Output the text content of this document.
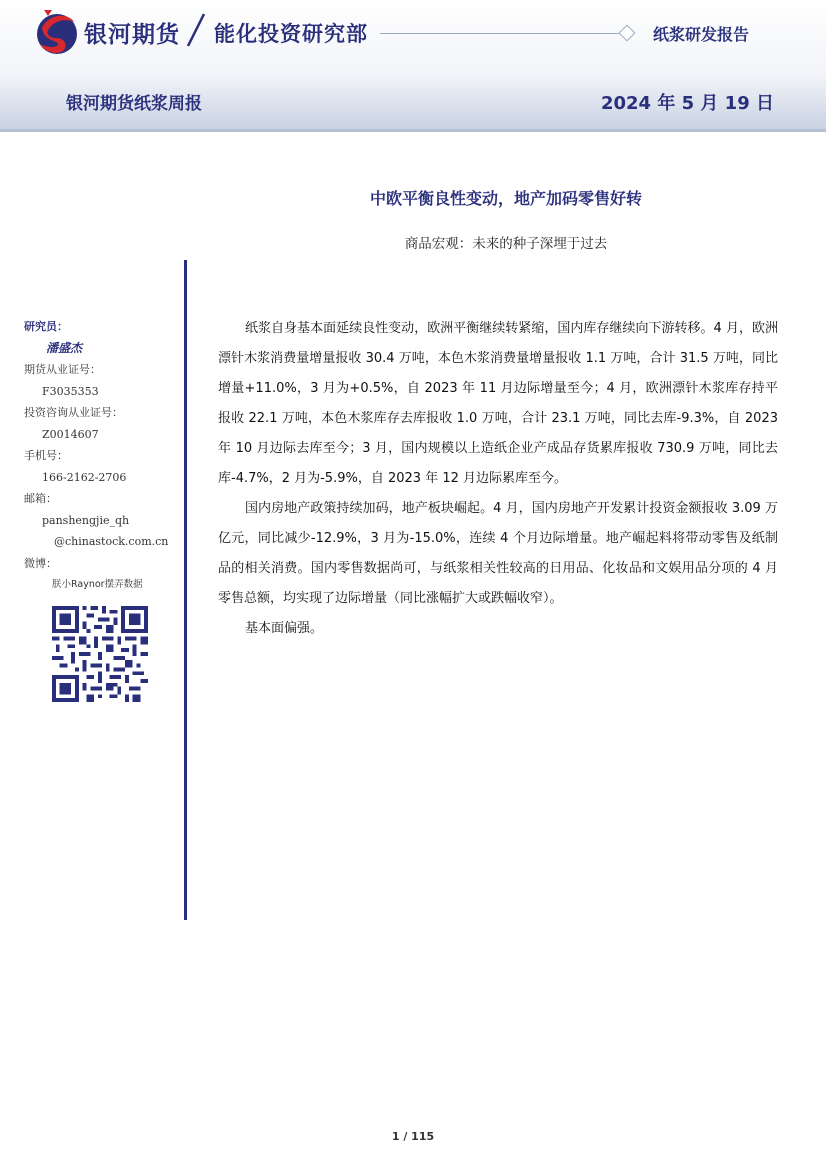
银河期货 能化投资研究部	纸浆研发报告
银河期货纸浆周报	2024 年 5 月 19 日
中欧平衡良性变动，地产加码零售好转
商品宏观：未来的种子深埋于过去
研究员：
潘盛杰
期货从业证号：
F3035353
投资咨询从业证号：
Z0014607
手机号：
166-2162-2706
邮箱：
panshengjie_qh
@chinastock.com.cn
微博：
朕小Raynor摆弄数据

纸浆自身基本面延续良性变动，欧洲平衡继续转紧缩，国内库存继续向下游转移。4 月，欧洲漂针木浆消费量增量报收 30.4 万吨，本色木浆消费量增量报收 1.1 万吨，合计 31.5 万吨，同比增量+11.0%，3 月为+0.5%，自 2023 年 11 月边际增量至今；4 月，欧洲漂针木浆库存持平报收 22.1 万吨，本色木浆库存去库报收 1.0 万吨，合计 23.1 万吨，同比去库-9.3%，自 2023 年 10 月边际去库至今；3 月，国内规模以上造纸企业产成品存货累库报收 730.9 万吨，同比去库-4.7%，2 月为-5.9%，自 2023 年 12 月边际累库至今。

国内房地产政策持续加码，地产板块崛起。4 月，国内房地产开发累计投资金额报收 3.09 万亿元，同比减少-12.9%，3 月为-15.0%，连续 4 个月边际增量。地产崛起料将带动零售及纸制品的相关消费。国内零售数据尚可，与纸浆相关性较高的日用品、化妆品和文娱用品分项的 4 月零售总额，均实现了边际增量（同比涨幅扩大或跌幅收窄）。

基本面偏强。

1 / 115
